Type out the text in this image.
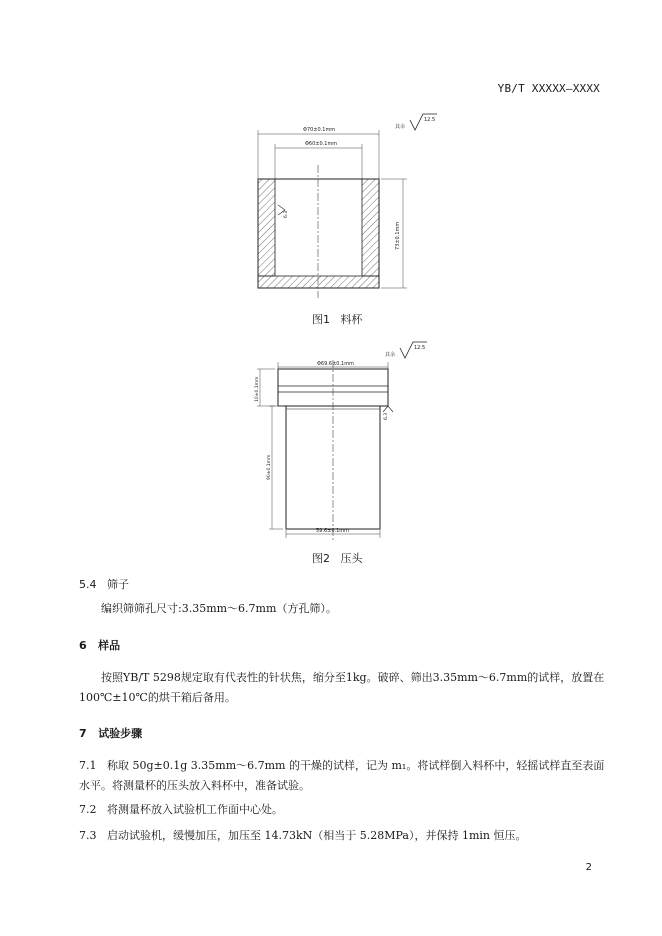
YB/T XXXXX—XXXX
12.5
其余
Φ70±0.1mm
Φ60±0.1mm
73±0.1mm
6.3
图1 料杯
12.5
其余
Φ69.6±0.1mm
10±0.1mm
90±0.1mm
6.3
59.6±0.1mm
图2 压头
5.4 筛子
编织筛筛孔尺寸:3.35mm～6.7mm（方孔筛）。
6 样品
按照YB/T 5298规定取有代表性的针状焦，缩分至1kg。破碎、筛出3.35mm～6.7mm的试样，放置在
100℃±10℃的烘干箱后备用。
7 试验步骤
7.1 称取 50g±0.1g 3.35mm～6.7mm 的干燥的试样，记为 m₁。将试样倒入料杯中，轻摇试样直至表面
水平。将测量杯的压头放入料杯中，准备试验。
7.2 将测量杯放入试验机工作面中心处。
7.3 启动试验机，缓慢加压，加压至 14.73kN（相当于 5.28MPa），并保持 1min 恒压。
2
